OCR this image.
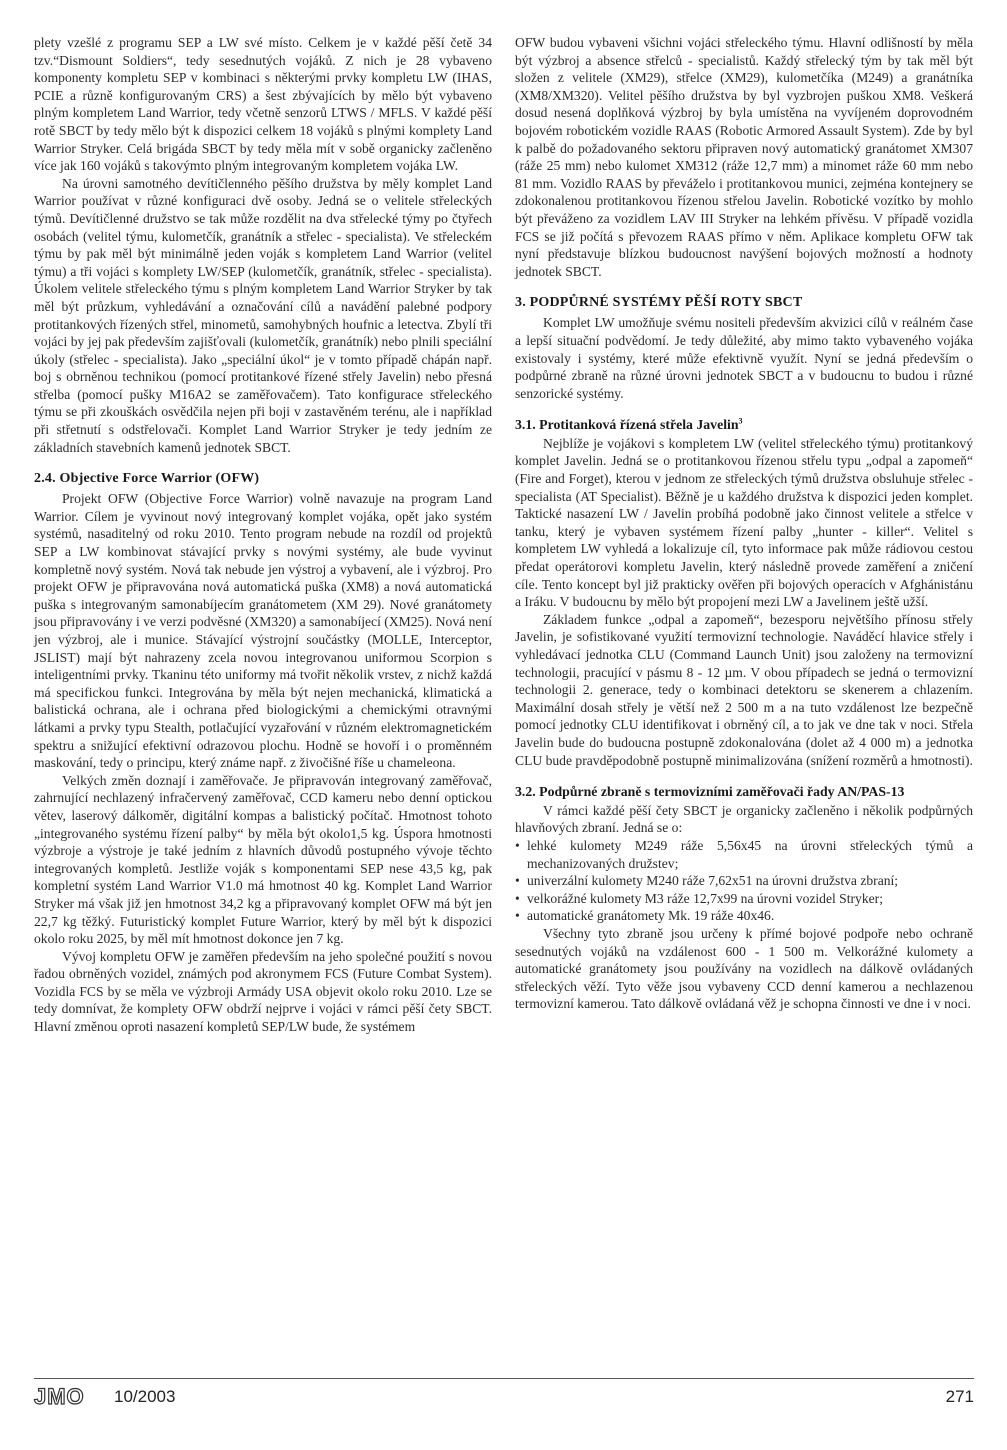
plety vzešlé z programu SEP a LW své místo. Celkem je v každé pěší četě 34 tzv.“Dismount Soldiers“, tedy sesednutých vojáků. Z nich je 28 vybaveno komponenty kompletu SEP v kombinaci s některými prvky kompletu LW (IHAS, PCIE a různě konfigurovaným CRS) a šest zbývajících by mělo být vybaveno plným kompletem Land Warrior, tedy včetně senzorů LTWS / MFLS. V každé pěší rotě SBCT by tedy mělo být k dispozici celkem 18 vojáků s plnými komplety Land Warrior Stryker. Celá brigáda SBCT by tedy měla mít v sobě organicky začleněno více jak 160 vojáků s takovýmto plným integrovaným kompletem vojáka LW.

Na úrovni samotného devítičlenného pěšího družstva by měly komplet Land Warrior používat v různé konfiguraci dvě osoby. Jedná se o velitele střeleckých týmů. Devítičlenné družstvo se tak může rozdělit na dva střelecké týmy po čtyřech osobách (velitel týmu, kulometčík, granátník a střelec - specialista). Ve střeleckém týmu by pak měl být minimálně jeden voják s kompletem Land Warrior (velitel týmu) a tři vojáci s komplety LW/SEP (kulometčík, granátník, střelec - specialista). Úkolem velitele střeleckého týmu s plným kompletem Land Warrior Stryker by tak měl být průzkum, vyhledávání a označování cílů a navádění palebné podpory protitankových řízených střel, minometů, samohybných houfnic a letectva. Zbylí tři vojáci by jej pak především zajišťovali (kulometčík, granátník) nebo plnili speciální úkoly (střelec - specialista). Jako „speciální úkol“ je v tomto případě chápán např. boj s obrněnou technikou (pomocí protitankové řízené střely Javelin) nebo přesná střelba (pomocí pušky M16A2 se zaměřovačem). Tato konfigurace střeleckého týmu se při zkouškách osvědčila nejen při boji v zastavěném terénu, ale i například při střetnutí s odstřelovači. Komplet Land Warrior Stryker je tedy jedním ze základních stavebních kamenů jednotek SBCT.

2.4. Objective Force Warrior (OFW)

Projekt OFW (Objective Force Warrior) volně navazuje na program Land Warrior. Cílem je vyvinout nový integrovaný komplet vojáka, opět jako systém systémů, nasaditelný od roku 2010. Tento program nebude na rozdíl od projektů SEP a LW kombinovat stávající prvky s novými systémy, ale bude vyvinut kompletně nový systém. Nová tak nebude jen výstroj a vybavení, ale i výzbroj. Pro projekt OFW je připravována nová automatická puška (XM8) a nová automatická puška s integrovaným samonabíjecím granátometem (XM 29). Nové granátomety jsou připravovány i ve verzi podvěsné (XM320) a samonabíjecí (XM25). Nová není jen výzbroj, ale i munice. Stávající výstrojní součástky (MOLLE, Interceptor, JSLIST) mají být nahrazeny zcela novou integrovanou uniformou Scorpion s inteligentními prvky. Tkaninu této uniformy má tvořit několik vrstev, z nichž každá má specifickou funkci. Integrována by měla být nejen mechanická, klimatická a balistická ochrana, ale i ochrana před biologickými a chemickými otravnými látkami a prvky typu Stealth, potlačující vyzařování v různém elektromagnetickém spektru a snižující efektivní odrazovou plochu. Hodně se hovoří i o proměnném maskování, tedy o principu, který známe např. z živočišné říše u chameleona.

Velkých změn doznají i zaměřovače. Je připravován integrovaný zaměřovač, zahrnující nechlazený infračervený zaměřovač, CCD kameru nebo denní optickou větev, laserový dálkoměr, digitální kompas a balistický počítač. Hmotnost tohoto „integrovaného systému řízení palby“ by měla být okolo1,5 kg. Úspora hmotnosti výzbroje a výstroje je také jedním z hlavních důvodů postupného vývoje těchto integrovaných kompletů. Jestliže voják s komponentami SEP nese 43,5 kg, pak kompletní systém Land Warrior V1.0 má hmotnost 40 kg. Komplet Land Warrior Stryker má však již jen hmotnost 34,2 kg a připravovaný komplet OFW má být jen 22,7 kg těžký. Futuristický komplet Future Warrior, který by měl být k dispozici okolo roku 2025, by měl mít hmotnost dokonce jen 7 kg.

Vývoj kompletu OFW je zaměřen především na jeho společné použití s novou řadou obrněných vozidel, známých pod akronymem FCS (Future Combat System). Vozidla FCS by se měla ve výzbroji Armády USA objevit okolo roku 2010. Lze se tedy domnívat, že komplety OFW obdrží nejprve i vojáci v rámci pěší čety SBCT. Hlavní změnou oproti nasazení kompletů SEP/LW bude, že systémem

OFW budou vybaveni všichni vojáci střeleckého týmu. Hlavní odlišností by měla být výzbroj a absence střelců - specialistů. Každý střelecký tým by tak měl být složen z velitele (XM29), střelce (XM29), kulometčíka (M249) a granátníka (XM8/XM320). Velitel pěšího družstva by byl vyzbrojen puškou XM8. Veškerá dosud nesená doplňková výzbroj by byla umístěna na vyvíjeném doprovodném bojovém robotickém vozidle RAAS (Robotic Armored Assault System). Zde by byl k palbě do požadovaného sektoru připraven nový automatický granátomet XM307 (ráže 25 mm) nebo kulomet XM312 (ráže 12,7 mm) a minomet ráže 60 mm nebo 81 mm. Vozidlo RAAS by převáželo i protitankovou munici, zejména kontejnery se zdokonalenou protitankovou řízenou střelou Javelin. Robotické vozítko by mohlo být převáženo za vozidlem LAV III Stryker na lehkém přívěsu. V případě vozidla FCS se již počítá s převozem RAAS přímo v něm. Aplikace kompletu OFW tak nyní představuje blízkou budoucnost navýšení bojových možností a hodnoty jednotek SBCT.

3. PODPŮRNÉ SYSTÉMY PĚŠÍ ROTY SBCT

Komplet LW umožňuje svému nositeli především akvizici cílů v reálném čase a lepší situační podvědomí. Je tedy důležité, aby mimo takto vybaveného vojáka existovaly i systémy, které může efektivně využít. Nyní se jedná především o podpůrné zbraně na různé úrovni jednotek SBCT a v budoucnu to budou i různé senzorické systémy.

3.1. Protitanková řízená střela Javelin$^3$

Nejblíže je vojákovi s kompletem LW (velitel střeleckého týmu) protitankový komplet Javelin. Jedná se o protitankovou řízenou střelu typu „odpal a zapomeň“ (Fire and Forget), kterou v jednom ze střeleckých týmů družstva obsluhuje střelec - specialista (AT Specialist). Běžně je u každého družstva k dispozici jeden komplet. Taktické nasazení LW / Javelin probíhá podobně jako činnost velitele a střelce v tanku, který je vybaven systémem řízení palby „hunter - killer“. Velitel s kompletem LW vyhledá a lokalizuje cíl, tyto informace pak může rádiovou cestou předat operátorovi kompletu Javelin, který následně provede zaměření a zničení cíle. Tento koncept byl již prakticky ověřen při bojových operacích v Afghánistánu a Iráku. V budoucnu by mělo být propojení mezi LW a Javelinem ještě užší.

Základem funkce „odpal a zapomeň“, bezesporu největšího přínosu střely Javelin, je sofistikované využití termovizní technologie. Naváděcí hlavice střely i vyhledávací jednotka CLU (Command Launch Unit) jsou založeny na termovizní technologii, pracující v pásmu 8 - 12 µm. V obou případech se jedná o termovizní technologii 2. generace, tedy o kombinaci detektoru se skenerem a chlazením. Maximální dosah střely je větší než 2 500 m a na tuto vzdálenost lze bezpečně pomocí jednotky CLU identifikovat i obrněný cíl, a to jak ve dne tak v noci. Střela Javelin bude do budoucna postupně zdokonalována (dolet až 4 000 m) a jednotka CLU bude pravděpodobně postupně minimalizována (snížení rozměrů a hmotnosti).

3.2. Podpůrné zbraně s termovizními zaměřovači řady AN/PAS-13

V rámci každé pěší čety SBCT je organicky začleněno i několik podpůrných hlavňových zbraní. Jedná se o:

• lehké kulomety M249 ráže 5,56x45 na úrovni střeleckých týmů a mechanizovaných družstev;
• univerzální kulomety M240 ráže 7,62x51 na úrovni družstva zbraní;
• velkorážné kulomety M3 ráže 12,7x99 na úrovni vozidel Stryker;
• automatické granátomety Mk. 19 ráže 40x46.

Všechny tyto zbraně jsou určeny k přímé bojové podpoře nebo ochraně sesednutých vojáků na vzdálenost 600 - 1 500 m. Velkorážné kulomety a automatické granátomety jsou používány na vozidlech na dálkově ovládaných střeleckých věží. Tyto věže jsou vybaveny CCD denní kamerou a nechlazenou termovizní kamerou. Tato dálkově ovládaná věž je schopna činnosti ve dne i v noci.

JMO 10/2003	271
